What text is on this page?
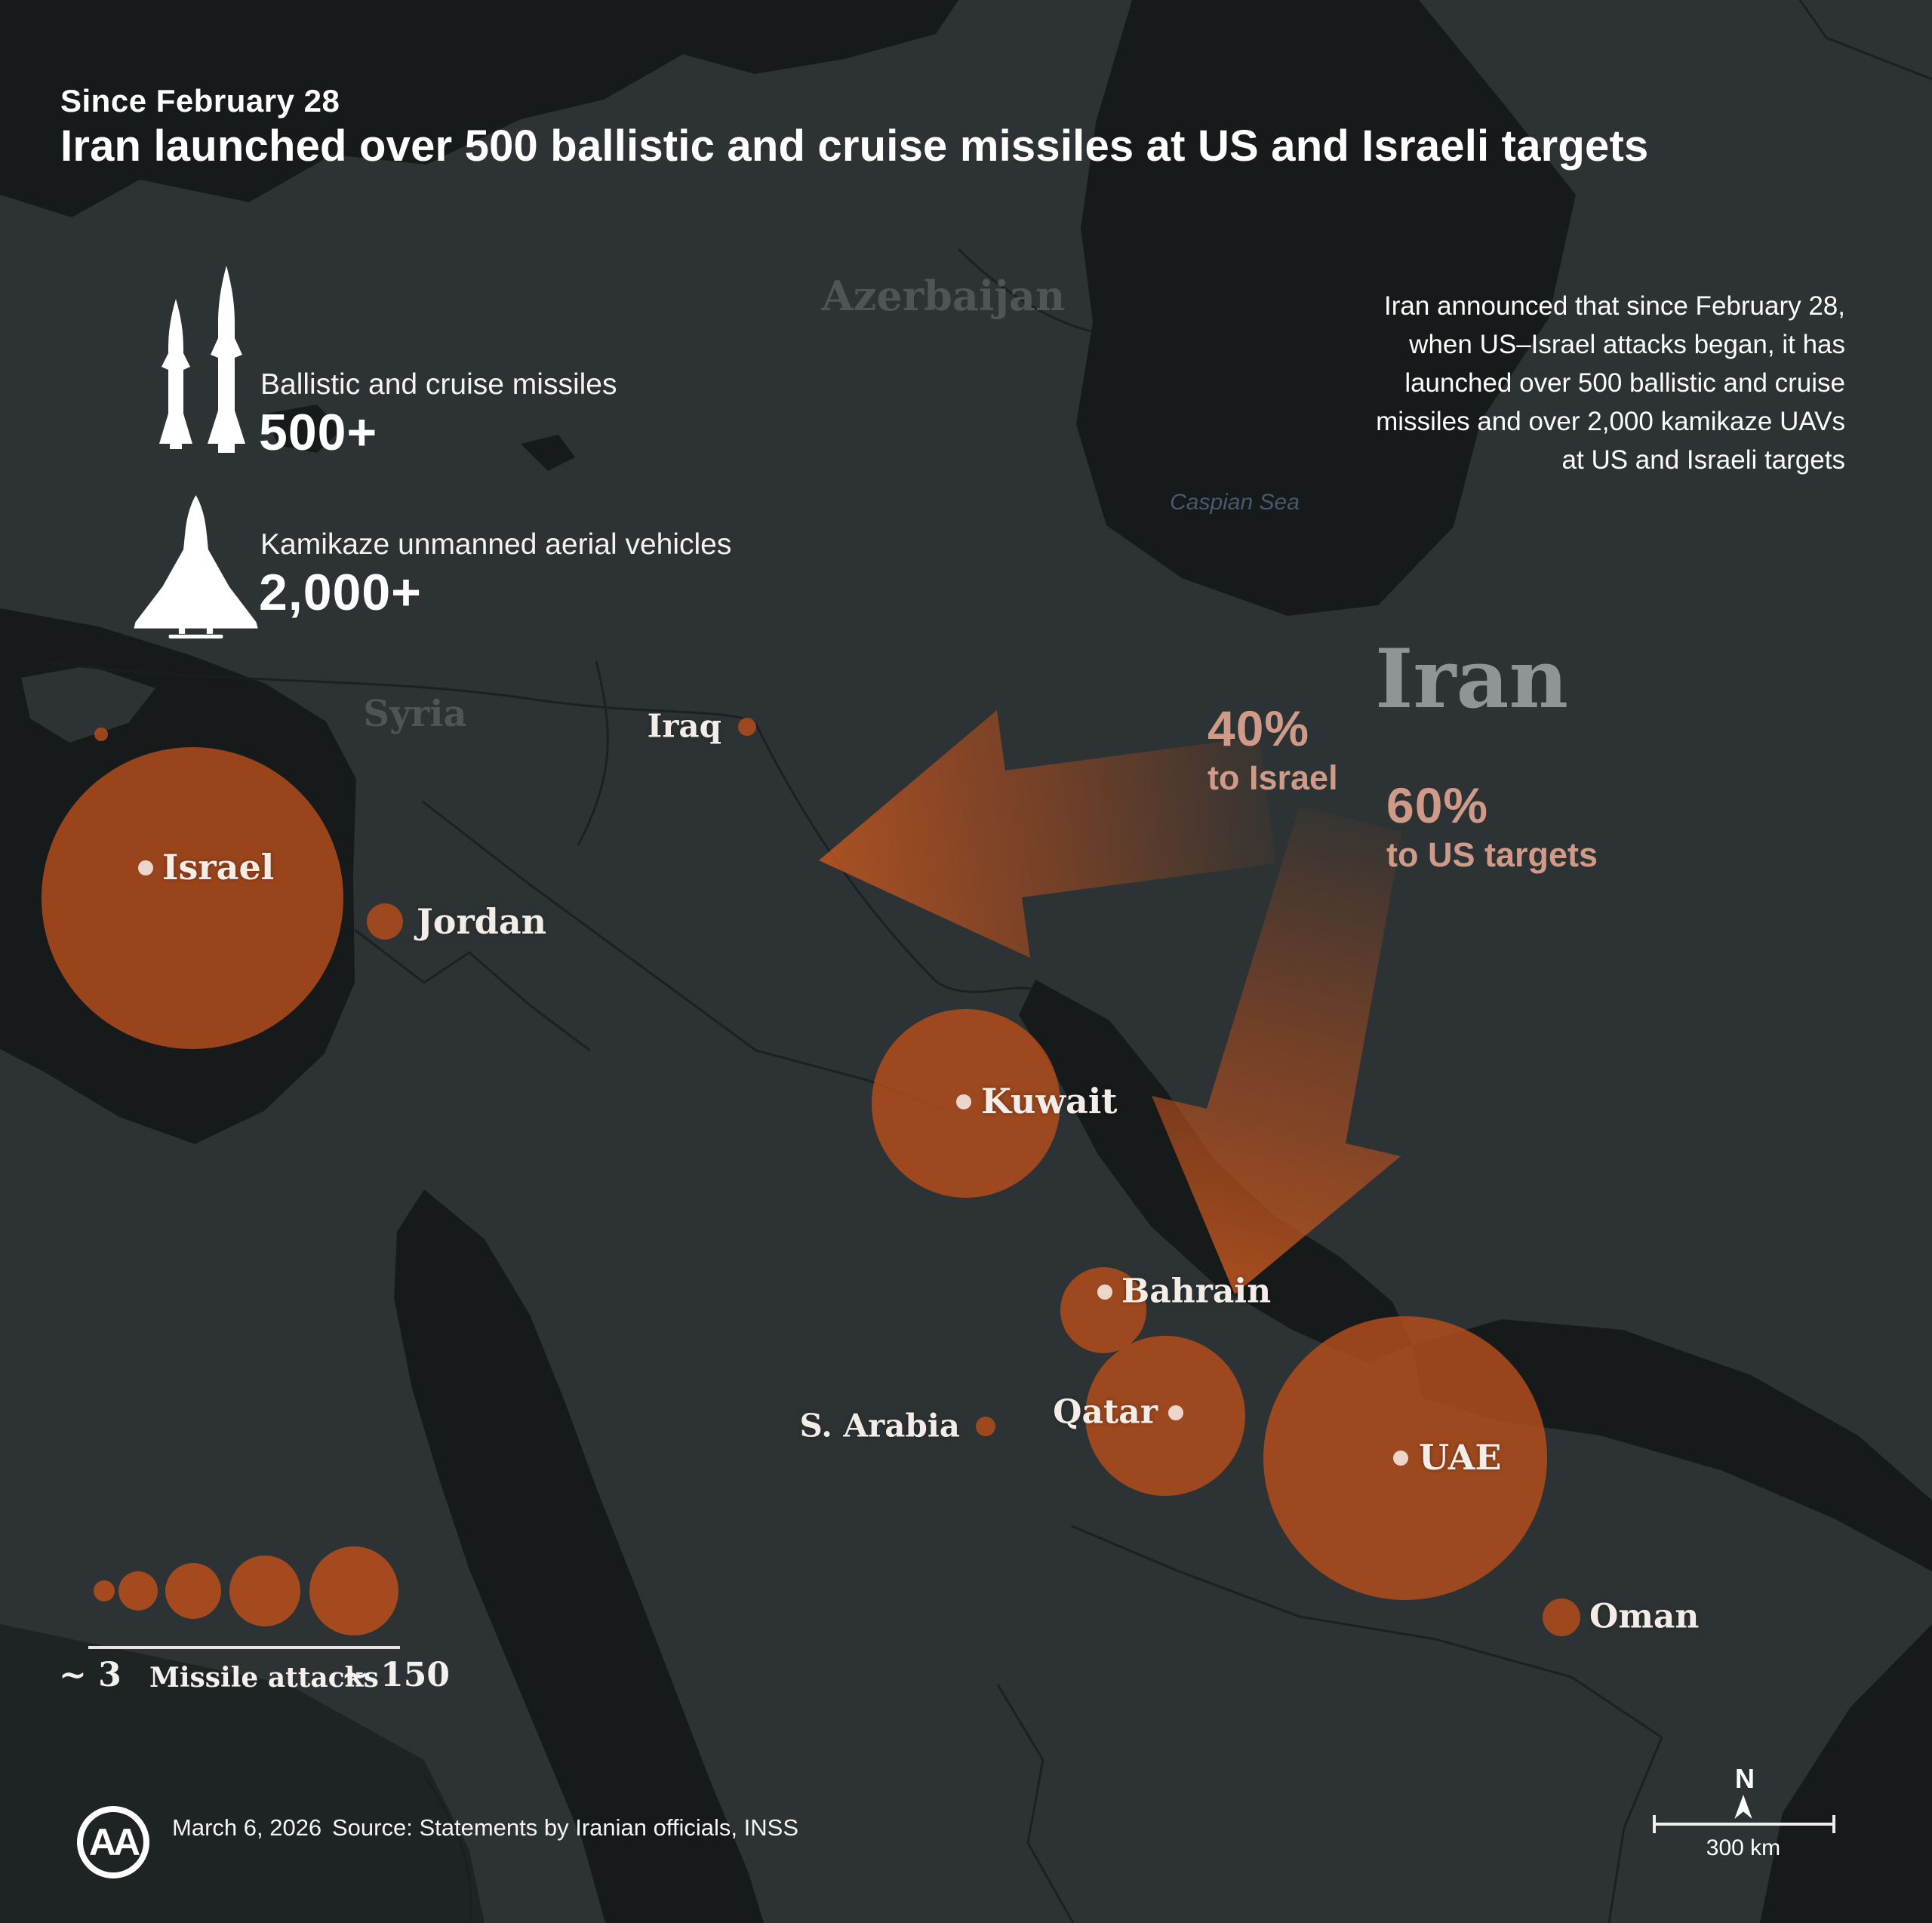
Israel
Jordan
Iraq
Kuwait
Bahrain
Qatar
S. Arabia
UAE
Oman
Syria
Azerbaijan
Iran
Caspian Sea
40%
to Israel 60%
to US targets
Since February 28
Iran launched over 500 ballistic and cruise missiles at US and Israeli targets
Ballistic and cruise missiles
500+
Kamikaze unmanned aerial vehicles
2,000+
Iran announced that since February 28, when US–Israel attacks began, it has launched over 500 ballistic and cruise missiles and over 2,000 kamikaze UAVs at US and Israeli targets
~ 3 Missile attacks
~ 150
AA March 6, 2026 Source: Statements by Iranian officials, INSS
N
300 km
